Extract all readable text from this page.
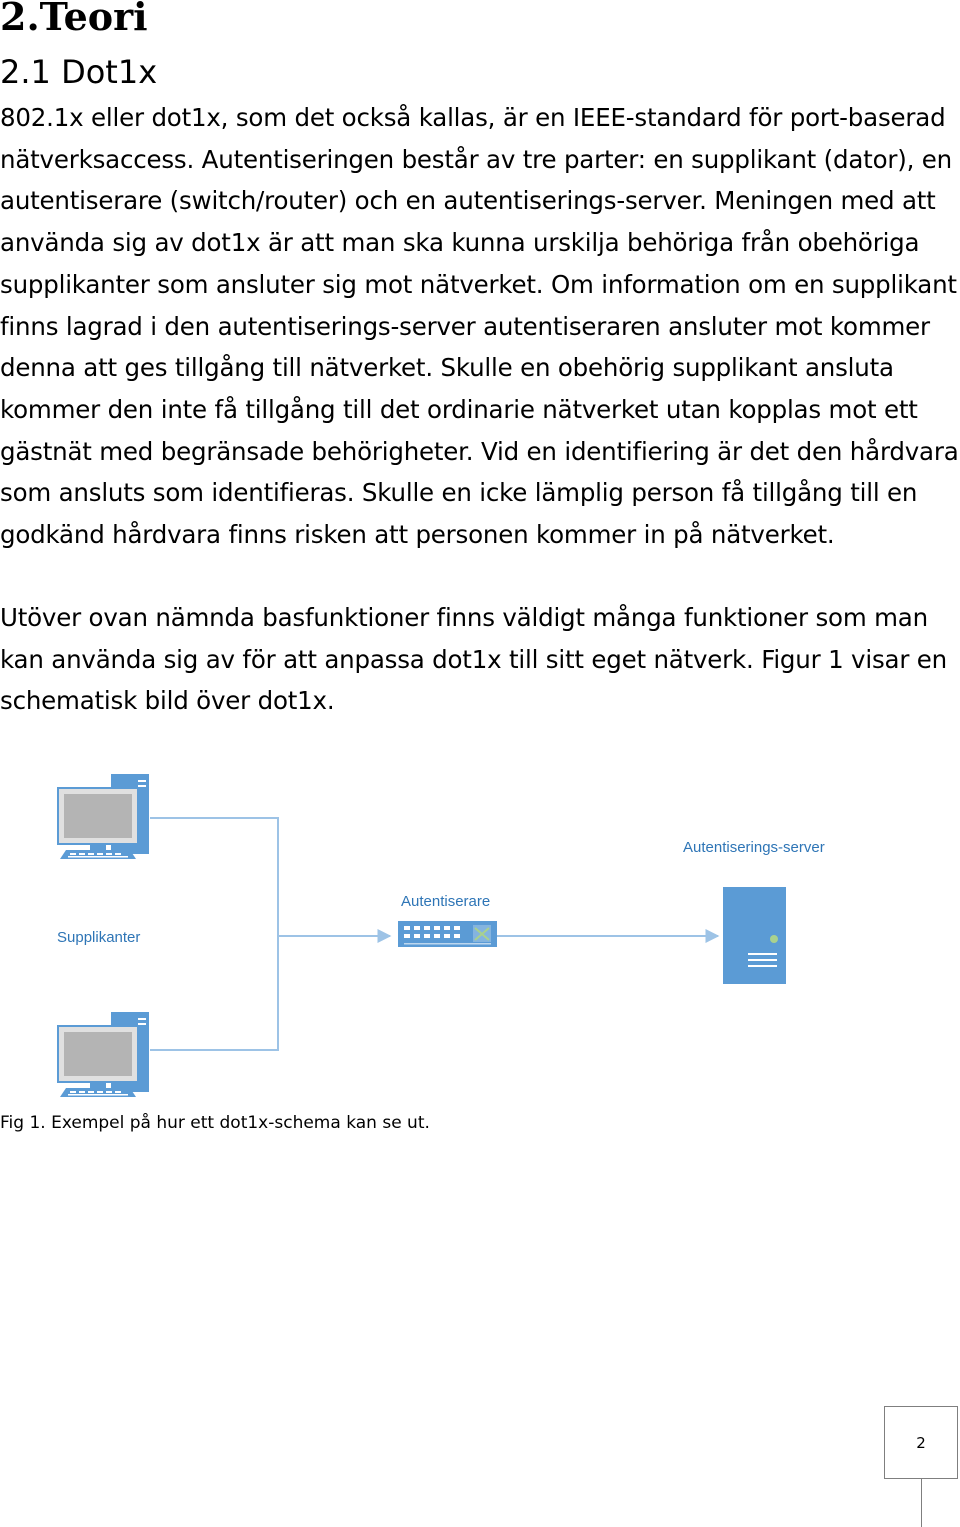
2.Teori
2.1 Dot1x

802.1x eller dot1x, som det också kallas, är en IEEE-standard för port-baserad
nätverksaccess. Autentiseringen består av tre parter: en supplikant (dator), en
autentiserare (switch/router) och en autentiserings-server. Meningen med att
använda sig av dot1x är att man ska kunna urskilja behöriga från obehöriga
supplikanter som ansluter sig mot nätverket. Om information om en supplikant
finns lagrad i den autentiserings-server autentiseraren ansluter mot kommer
denna att ges tillgång till nätverket. Skulle en obehörig supplikant ansluta
kommer den inte få tillgång till det ordinarie nätverket utan kopplas mot ett
gästnät med begränsade behörigheter. Vid en identifiering är det den hårdvara
som ansluts som identifieras. Skulle en icke lämplig person få tillgång till en
godkänd hårdvara finns risken att personen kommer in på nätverket.

Utöver ovan nämnda basfunktioner finns väldigt många funktioner som man
kan använda sig av för att anpassa dot1x till sitt eget nätverk. Figur 1 visar en
schematisk bild över dot1x.

Supplikanter
Autentiserare
Autentiserings-server

Fig 1. Exempel på hur ett dot1x-schema kan se ut.

2
